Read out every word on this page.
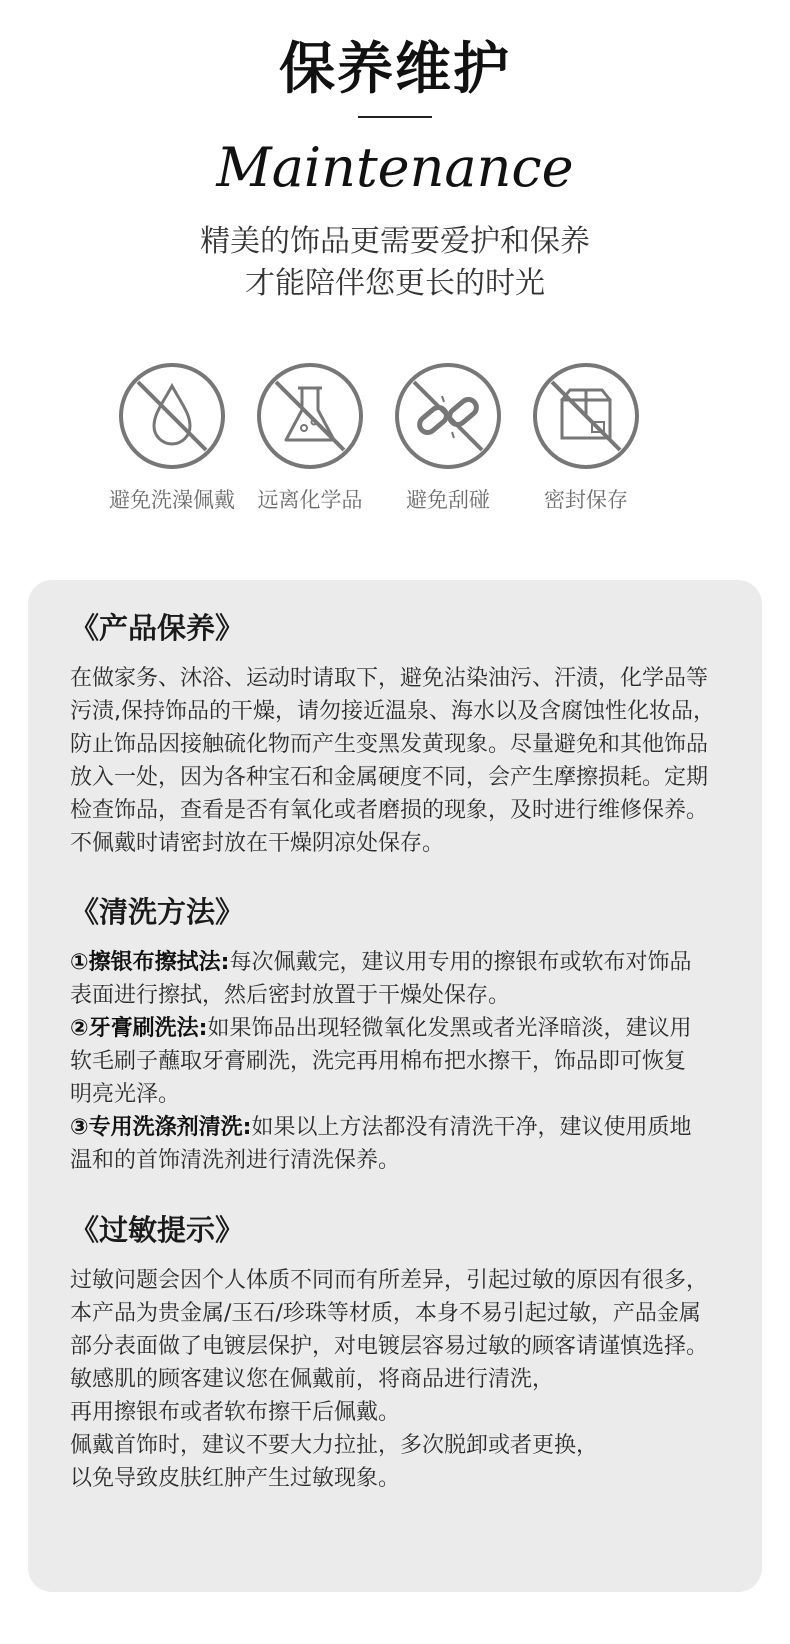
保养维护
Maintenance
精美的饰品更需要爱护和保养
才能陪伴您更长的时光
避免洗澡佩戴	远离化学品	避免刮碰	密封保存
《产品保养》
在做家务、沐浴、运动时请取下，避免沾染油污、汗渍，化学品等
污渍,保持饰品的干燥，请勿接近温泉、海水以及含腐蚀性化妆品，
防止饰品因接触硫化物而产生变黑发黄现象。尽量避免和其他饰品
放入一处，因为各种宝石和金属硬度不同，会产生摩擦损耗。定期
检查饰品，查看是否有氧化或者磨损的现象，及时进行维修保养。
不佩戴时请密封放在干燥阴凉处保存。
《清洗方法》
①擦银布擦拭法:每次佩戴完，建议用专用的擦银布或软布对饰品
表面进行擦拭，然后密封放置于干燥处保存。
②牙膏刷洗法:如果饰品出现轻微氧化发黑或者光泽暗淡，建议用
软毛刷子蘸取牙膏刷洗，洗完再用棉布把水擦干，饰品即可恢复
明亮光泽。
③专用洗涤剂清洗:如果以上方法都没有清洗干净，建议使用质地
温和的首饰清洗剂进行清洗保养。
《过敏提示》
过敏问题会因个人体质不同而有所差异，引起过敏的原因有很多，
本产品为贵金属/玉石/珍珠等材质，本身不易引起过敏，产品金属
部分表面做了电镀层保护，对电镀层容易过敏的顾客请谨慎选择。
敏感肌的顾客建议您在佩戴前，将商品进行清洗，
再用擦银布或者软布擦干后佩戴。
佩戴首饰时，建议不要大力拉扯，多次脱卸或者更换，
以免导致皮肤红肿产生过敏现象。
